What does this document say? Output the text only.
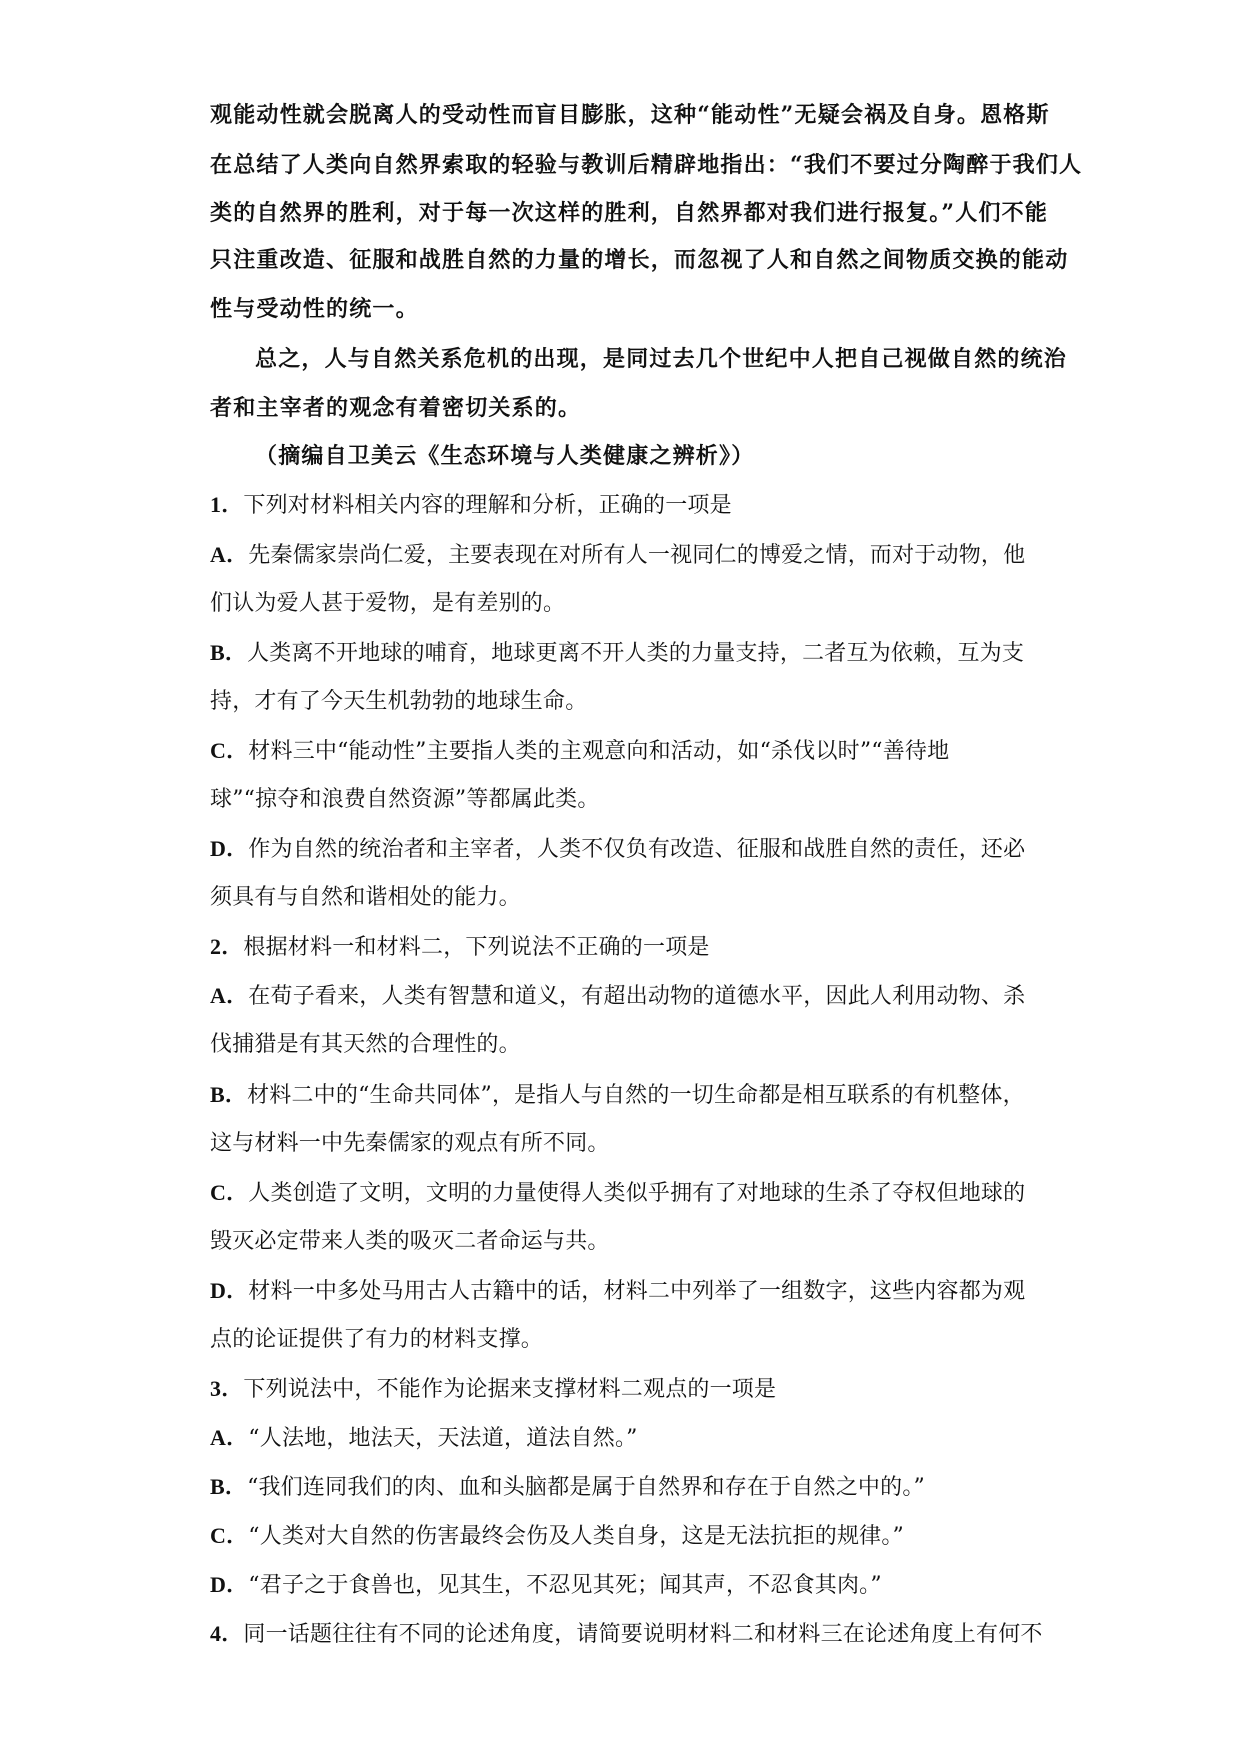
观能动性就会脱离人的受动性而盲目膨胀，这种“能动性”无疑会祸及自身。恩格斯
在总结了人类向自然界索取的轻验与教训后精辟地指出：“我们不要过分陶醉于我们人
类的自然界的胜利，对于每一次这样的胜利，自然界都对我们进行报复。”人们不能
只注重改造、征服和战胜自然的力量的增长，而忽视了人和自然之间物质交换的能动
性与受动性的统一。
总之，人与自然关系危机的出现，是同过去几个世纪中人把自己视做自然的统治
者和主宰者的观念有着密切关系的。
（摘编自卫美云《生态环境与人类健康之辨析》）
1．下列对材料相关内容的理解和分析，正确的一项是
A．先秦儒家崇尚仁爱，主要表现在对所有人一视同仁的博爱之情，而对于动物，他
们认为爱人甚于爱物，是有差别的。
B．人类离不开地球的哺育，地球更离不开人类的力量支持，二者互为依赖，互为支
持，才有了今天生机勃勃的地球生命。
C．材料三中“能动性”主要指人类的主观意向和活动，如“杀伐以时”“善待地
球”“掠夺和浪费自然资源”等都属此类。
D．作为自然的统治者和主宰者，人类不仅负有改造、征服和战胜自然的责任，还必
须具有与自然和谐相处的能力。
2．根据材料一和材料二，下列说法不正确的一项是
A．在荀子看来，人类有智慧和道义，有超出动物的道德水平，因此人利用动物、杀
伐捕猎是有其天然的合理性的。
B．材料二中的“生命共同体”，是指人与自然的一切生命都是相互联系的有机整体，
这与材料一中先秦儒家的观点有所不同。
C．人类创造了文明，文明的力量使得人类似乎拥有了对地球的生杀了夺权但地球的
毁灭必定带来人类的吸灭二者命运与共。
D．材料一中多处马用古人古籍中的话，材料二中列举了一组数字，这些内容都为观
点的论证提供了有力的材料支撑。
3．下列说法中，不能作为论据来支撑材料二观点的一项是
A．“人法地，地法天，天法道，道法自然。”
B．“我们连同我们的肉、血和头脑都是属于自然界和存在于自然之中的。”
C．“人类对大自然的伤害最终会伤及人类自身，这是无法抗拒的规律。”
D．“君子之于食兽也，见其生，不忍见其死；闻其声，不忍食其肉。”
4．同一话题往往有不同的论述角度，请简要说明材料二和材料三在论述角度上有何不
